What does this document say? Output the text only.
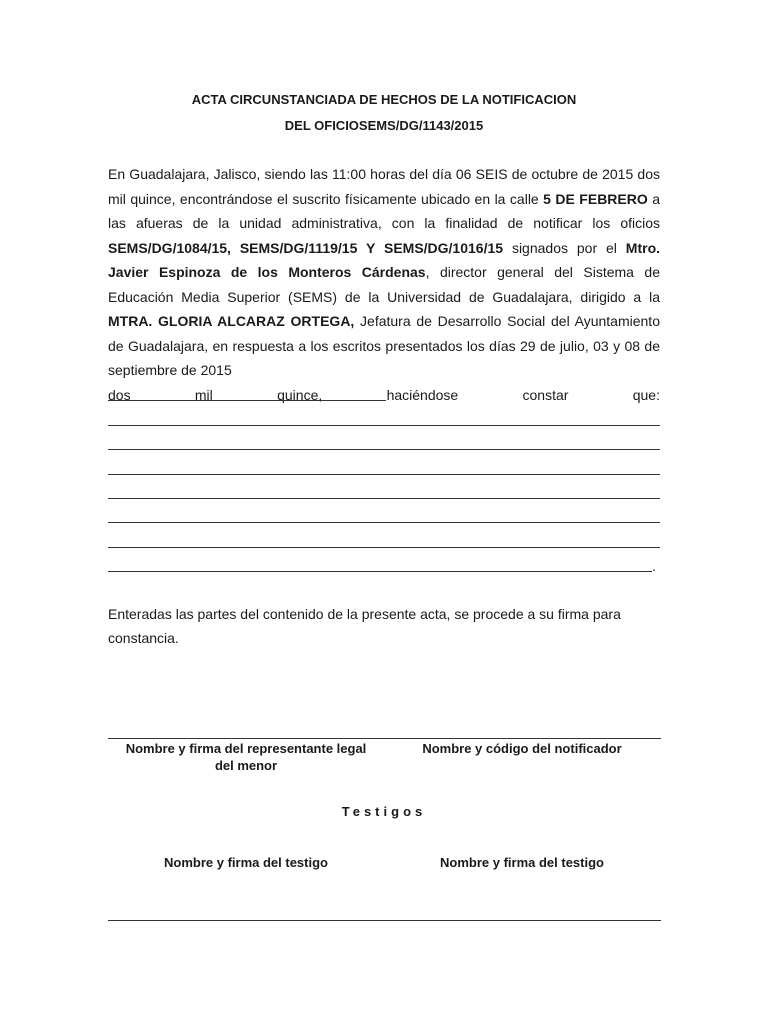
ACTA CIRCUNSTANCIADA DE HECHOS DE LA NOTIFICACION
DEL OFICIOSEMS/DG/1143/2015
En Guadalajara, Jalisco, siendo las 11:00 horas del día 06 SEIS de octubre de 2015 dos mil quince, encontrándose el suscrito físicamente ubicado en la calle 5 DE FEBRERO a las afueras de la unidad administrativa, con la finalidad de notificar los oficios SEMS/DG/1084/15, SEMS/DG/1119/15 Y SEMS/DG/1016/15 signados por el Mtro. Javier Espinoza de los Monteros Cárdenas, director general del Sistema de Educación Media Superior (SEMS) de la Universidad de Guadalajara, dirigido a la MTRA. GLORIA ALCARAZ ORTEGA, Jefatura de Desarrollo Social del Ayuntamiento de Guadalajara, en respuesta a los escritos presentados los días 29 de julio, 03 y 08 de septiembre de 2015
dos	mil	quince,	haciéndose	constar	que:
.
Enteradas las partes del contenido de la presente acta, se procede a su firma para constancia.
Nombre y firma del representante legal
del menor
Nombre y código del notificador
Testigos
Nombre y firma del testigo	Nombre y firma del testigo
